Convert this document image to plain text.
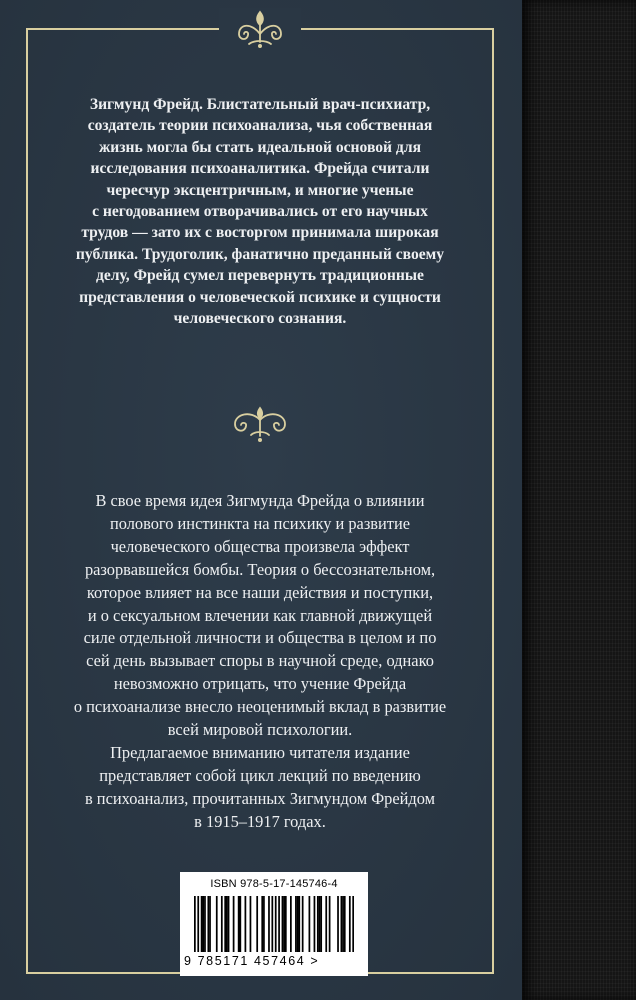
Зигмунд Фрейд. Блистательный врач-психиатр,
создатель теории психоанализа, чья собственная
жизнь могла бы стать идеальной основой для
исследования психоаналитика. Фрейда считали
чересчур эксцентричным, и многие ученые
с негодованием отворачивались от его научных
трудов — зато их с восторгом принимала широкая
публика. Трудоголик, фанатично преданный своему
делу, Фрейд сумел перевернуть традиционные
представления о человеческой психике и сущности
человеческого сознания.
В свое время идея Зигмунда Фрейда о влиянии
полового инстинкта на психику и развитие
человеческого общества произвела эффект
разорвавшейся бомбы. Теория о бессознательном,
которое влияет на все наши действия и поступки,
и о сексуальном влечении как главной движущей
силе отдельной личности и общества в целом и по
сей день вызывает споры в научной среде, однако
невозможно отрицать, что учение Фрейда
о психоанализе внесло неоценимый вклад в развитие
всей мировой психологии.
Предлагаемое вниманию читателя издание
представляет собой цикл лекций по введению
в психоанализ, прочитанных Зигмундом Фрейдом
в 1915–1917 годах.
ISBN 978-5-17-145746-4
9 785171 457464 >
